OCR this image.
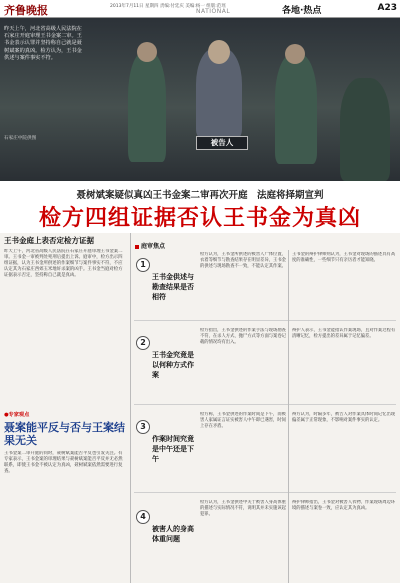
齐鲁晚报	2013年7月11日 星期四 责编:付廷庆 美编:杨一 组版:范瑶
NATIONAL	各地·热点	A23
昨天上午，河北省高级人民法院在石家庄开庭审理王书金案二审。王书金表示认罪并坚持称自己就是聂树斌案的真凶。检方认为，王书金供述与案件事实不符。
石家庄中院供图	被告人
聂树斌案疑似真凶王书金案二审再次开庭　法庭将择期宣判
检方四组证据否认王书金为真凶
王书金庭上表否定检方证据
昨天上午，河北省高级人民法院在石家庄开庭审理王书金案二审。王书金一审被判处死刑后提出上诉。庭审中，检方出示四组证据，认为王书金所供述的作案细节与案件事实不符，不应认定其为石家庄西郊玉米地奸杀案的凶手。王书金当庭对检方证据表示否定，坚持称自己就是真凶。
●专家观点
聂案能平反与否与王案结果无关
王书金案二审开庭的同时，聂树斌案能否平反也引发关注。有专家表示，王书金案的审理结果与聂树斌案能否平反并无必然联系，即使王书金不被认定为真凶，聂树斌案依然需要进行复查。
庭审焦点
1
王书金供述与勘查结果是否相符
检方认为，王书金所供述的被害人尸体位置、衣着等细节与勘查结果存在明显差异，王书金的供述与现场勘查不一致，不能认定其作案。
王书金的辩护律师则认为，王书金对现场的描述具有高度的准确性，一些细节只有亲历者才能知晓。
2
王书金究竟是以何种方式作案
检方指出，王书金供述的作案手法与现场勘查不符，在杀人方式、抛尸方式等方面与案卷记载的情况均有出入。
辩护人表示，王书金能指认作案现场，且对作案过程有清晰记忆，检方提出的差异属于记忆偏差。
3
作案时间究竟是中午还是下午
检方称，王书金供述的作案时间是下午，而被害人家属证言证实被害人中午即已遇害，时间上存在矛盾。
辩方认为，时隔多年，被告人对作案具体时间记忆出现偏差属于正常现象，不影响对案件事实的认定。
4
被害人的身高体重问题
检方认为，王书金供述中关于被害人身高体重的描述与实际情况不符，说明其并未实施该起犯罪。
辩护律师指出，王书金对被害人衣物、作案现场周边环境的描述与案卷一致，应认定其为真凶。
